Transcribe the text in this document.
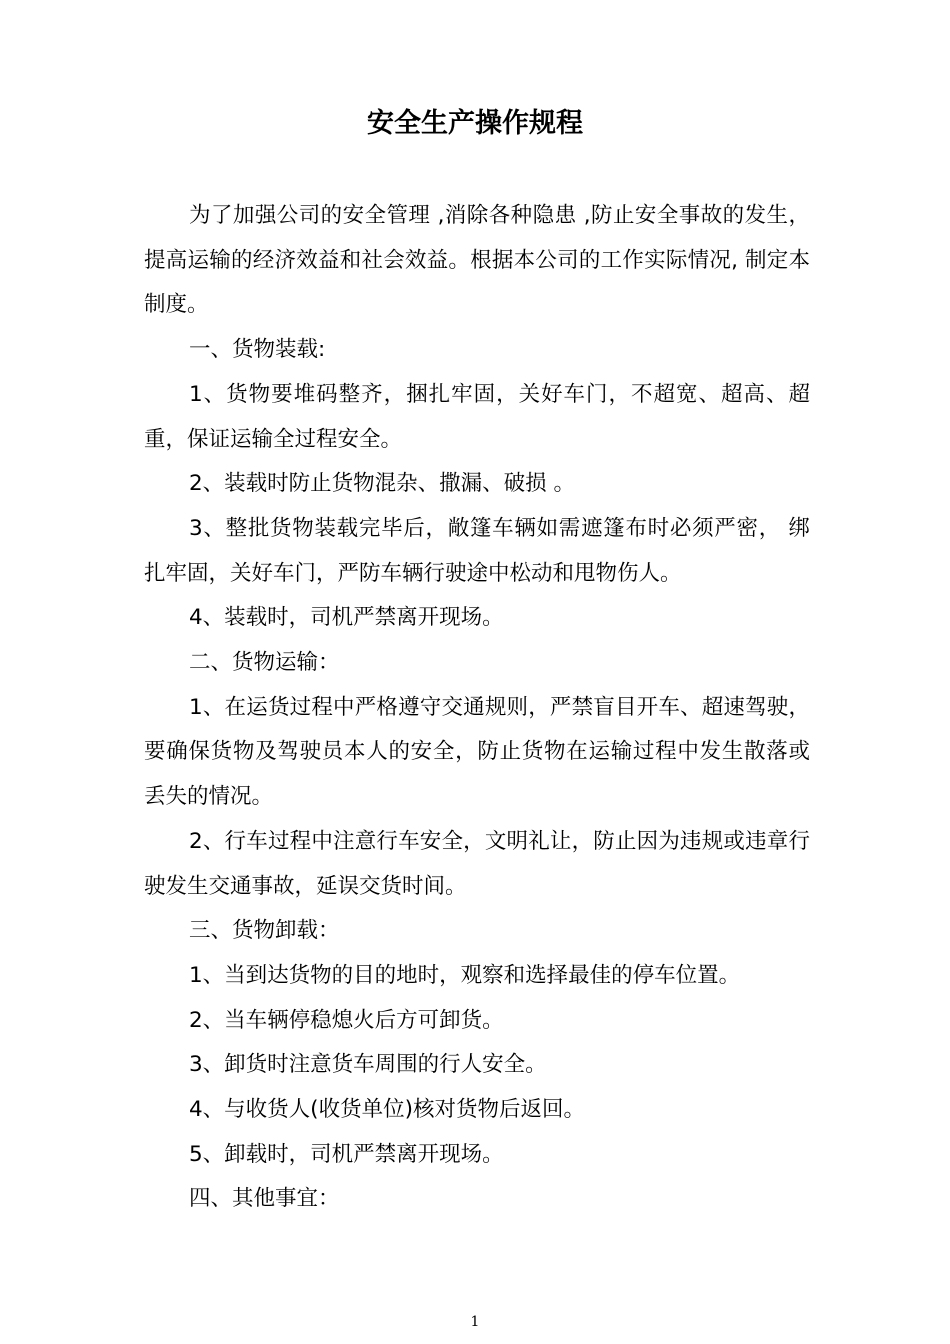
安全生产操作规程

为了加强公司的安全管理 ,消除各种隐患 ,防止安全事故的发生，提高运输的经济效益和社会效益。根据本公司的工作实际情况, 制定本制度。

一、货物装载:

1、货物要堆码整齐，捆扎牢固，关好车门，不超宽、超高、超重，保证运输全过程安全。

2、装载时防止货物混杂、撒漏、破损 。

3、整批货物装载完毕后，敞篷车辆如需遮篷布时必须严密， 绑扎牢固，关好车门，严防车辆行驶途中松动和甩物伤人。

4、装载时，司机严禁离开现场。

二、货物运输：

1、在运货过程中严格遵守交通规则，严禁盲目开车、超速驾驶，要确保货物及驾驶员本人的安全，防止货物在运输过程中发生散落或丢失的情况。

2、行车过程中注意行车安全，文明礼让，防止因为违规或违章行驶发生交通事故，延误交货时间。

三、货物卸载：

1、当到达货物的目的地时，观察和选择最佳的停车位置。

2、当车辆停稳熄火后方可卸货。

3、卸货时注意货车周围的行人安全。

4、与收货人(收货单位)核对货物后返回。

5、卸载时，司机严禁离开现场。

四、其他事宜：

1
